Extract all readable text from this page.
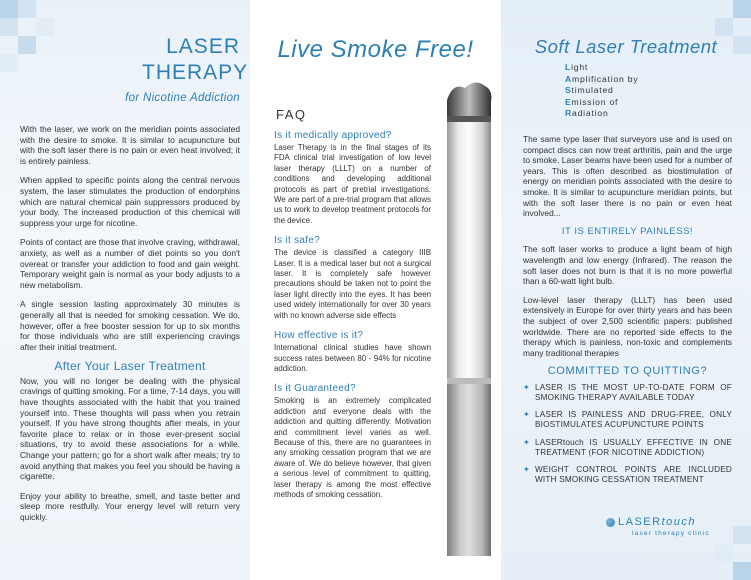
LASER
THERAPY
for Nicotine Addiction

With the laser, we work on the meridian points associated with the desire to smoke. It is similar to acupuncture but with the soft laser there is no pain or even heat involved; it is entirely painless.

When applied to specific points along the central nervous system, the laser stimulates the production of endorphins which are natural chemical pain suppressors produced by your body. The increased production of this chemical will suppress your urge for nicotine.

Points of contact are those that involve craving, withdrawal, anxiety, as well as a number of diet points so you don't overeat or transfer your addiction to food and gain weight. Temporary weight gain is normal as your body adjusts to a new metabolism.

A single session lasting approximately 30 minutes is generally all that is needed for smoking cessation. We do, however, offer a free booster session for up to six months for those individuals who are still experiencing cravings after their initial treatment.

After Your Laser Treatment

Now, you will no longer be dealing with the physical cravings of quitting smoking. For a time, 7-14 days, you will have thoughts associated with the habit that you trained yourself into. These thoughts will pass when you retrain yourself. If you have strong thoughts after meals, in your favorite place to relax or in those ever-present social situations, try to avoid these associations for a while. Change your pattern; go for a short walk after meals; try to avoid anything that makes you feel you should be having a cigarette.

Enjoy your ability to breathe, smell, and taste better and sleep more restfully. Your energy level will return very quickly.

Live Smoke Free!
FAQ
Is it medically approved?

Laser Therapy is in the final stages of its FDA clinical trial investigation of low level laser therapy (LLLT) on a number of conditions and developing additional protocols as part of pretrial investigations. We are part of a pre-trial program that allows us to work to develop treatment protocols for the device.

Is it safe?

The device is classified a category IIIB Laser. It is a medical laser but not a surgical laser. It is completely safe however precautions should be taken not to point the laser light directly into the eyes. It has been used widely internationally for over 30 years with no known adverse side effects

How effective is it?

International clinical studies have shown success rates between 80 - 94% for nicotine addiction.

Is it Guaranteed?

Smoking is an extremely complicated addiction and everyone deals with the addiction and quitting differently. Motivation and commitment level varies as well. Because of this, there are no guarantees in any smoking cessation program that we are aware of. We do believe however, that given a serious level of commitment to quitting, laser therapy is among the most effective methods of smoking cessation.

Soft Laser Treatment
Light
Amplification by
Stimulated
Emission of
Radiation

The same type laser that surveyors use and is used on compact discs can now treat arthritis, pain and the urge to smoke. Laser beams have been used for a number of years. This is often described as biostimulation of energy on meridian points associated with the desire to smoke. It is similar to acupuncture meridian points, but with the soft laser there is no pain or even heat involved...

IT IS ENTIRELY PAINLESS!

The soft laser works to produce a light beam of high wavelength and low energy (Infrared). The reason the soft laser does not burn is that it is no more powerful than a 60-watt light bulb.

Low-level laser therapy (LLLT) has been used extensively in Europe for over thirty years and has been the subject of over 2,500 scientific papers: published worldwide. There are no reported side effects to the therapy which is painless, non-toxic and complements many traditional therapies

COMMITTED TO QUITTING?
✦ LASER IS THE MOST UP-TO-DATE FORM OF SMOKING THERAPY AVAILABLE TODAY
✦ LASER IS PAINLESS AND DRUG-FREE, ONLY BIOSTIMULATES ACUPUNCTURE POINTS
✦ LASERtouch IS USUALLY EFFECTIVE IN ONE TREATMENT (FOR NICOTINE ADDICTION)
✦ WEIGHT CONTROL POINTS ARE INCLUDED WITH SMOKING CESSATION TREATMENT
LASERtouch
laser therapy clinic
